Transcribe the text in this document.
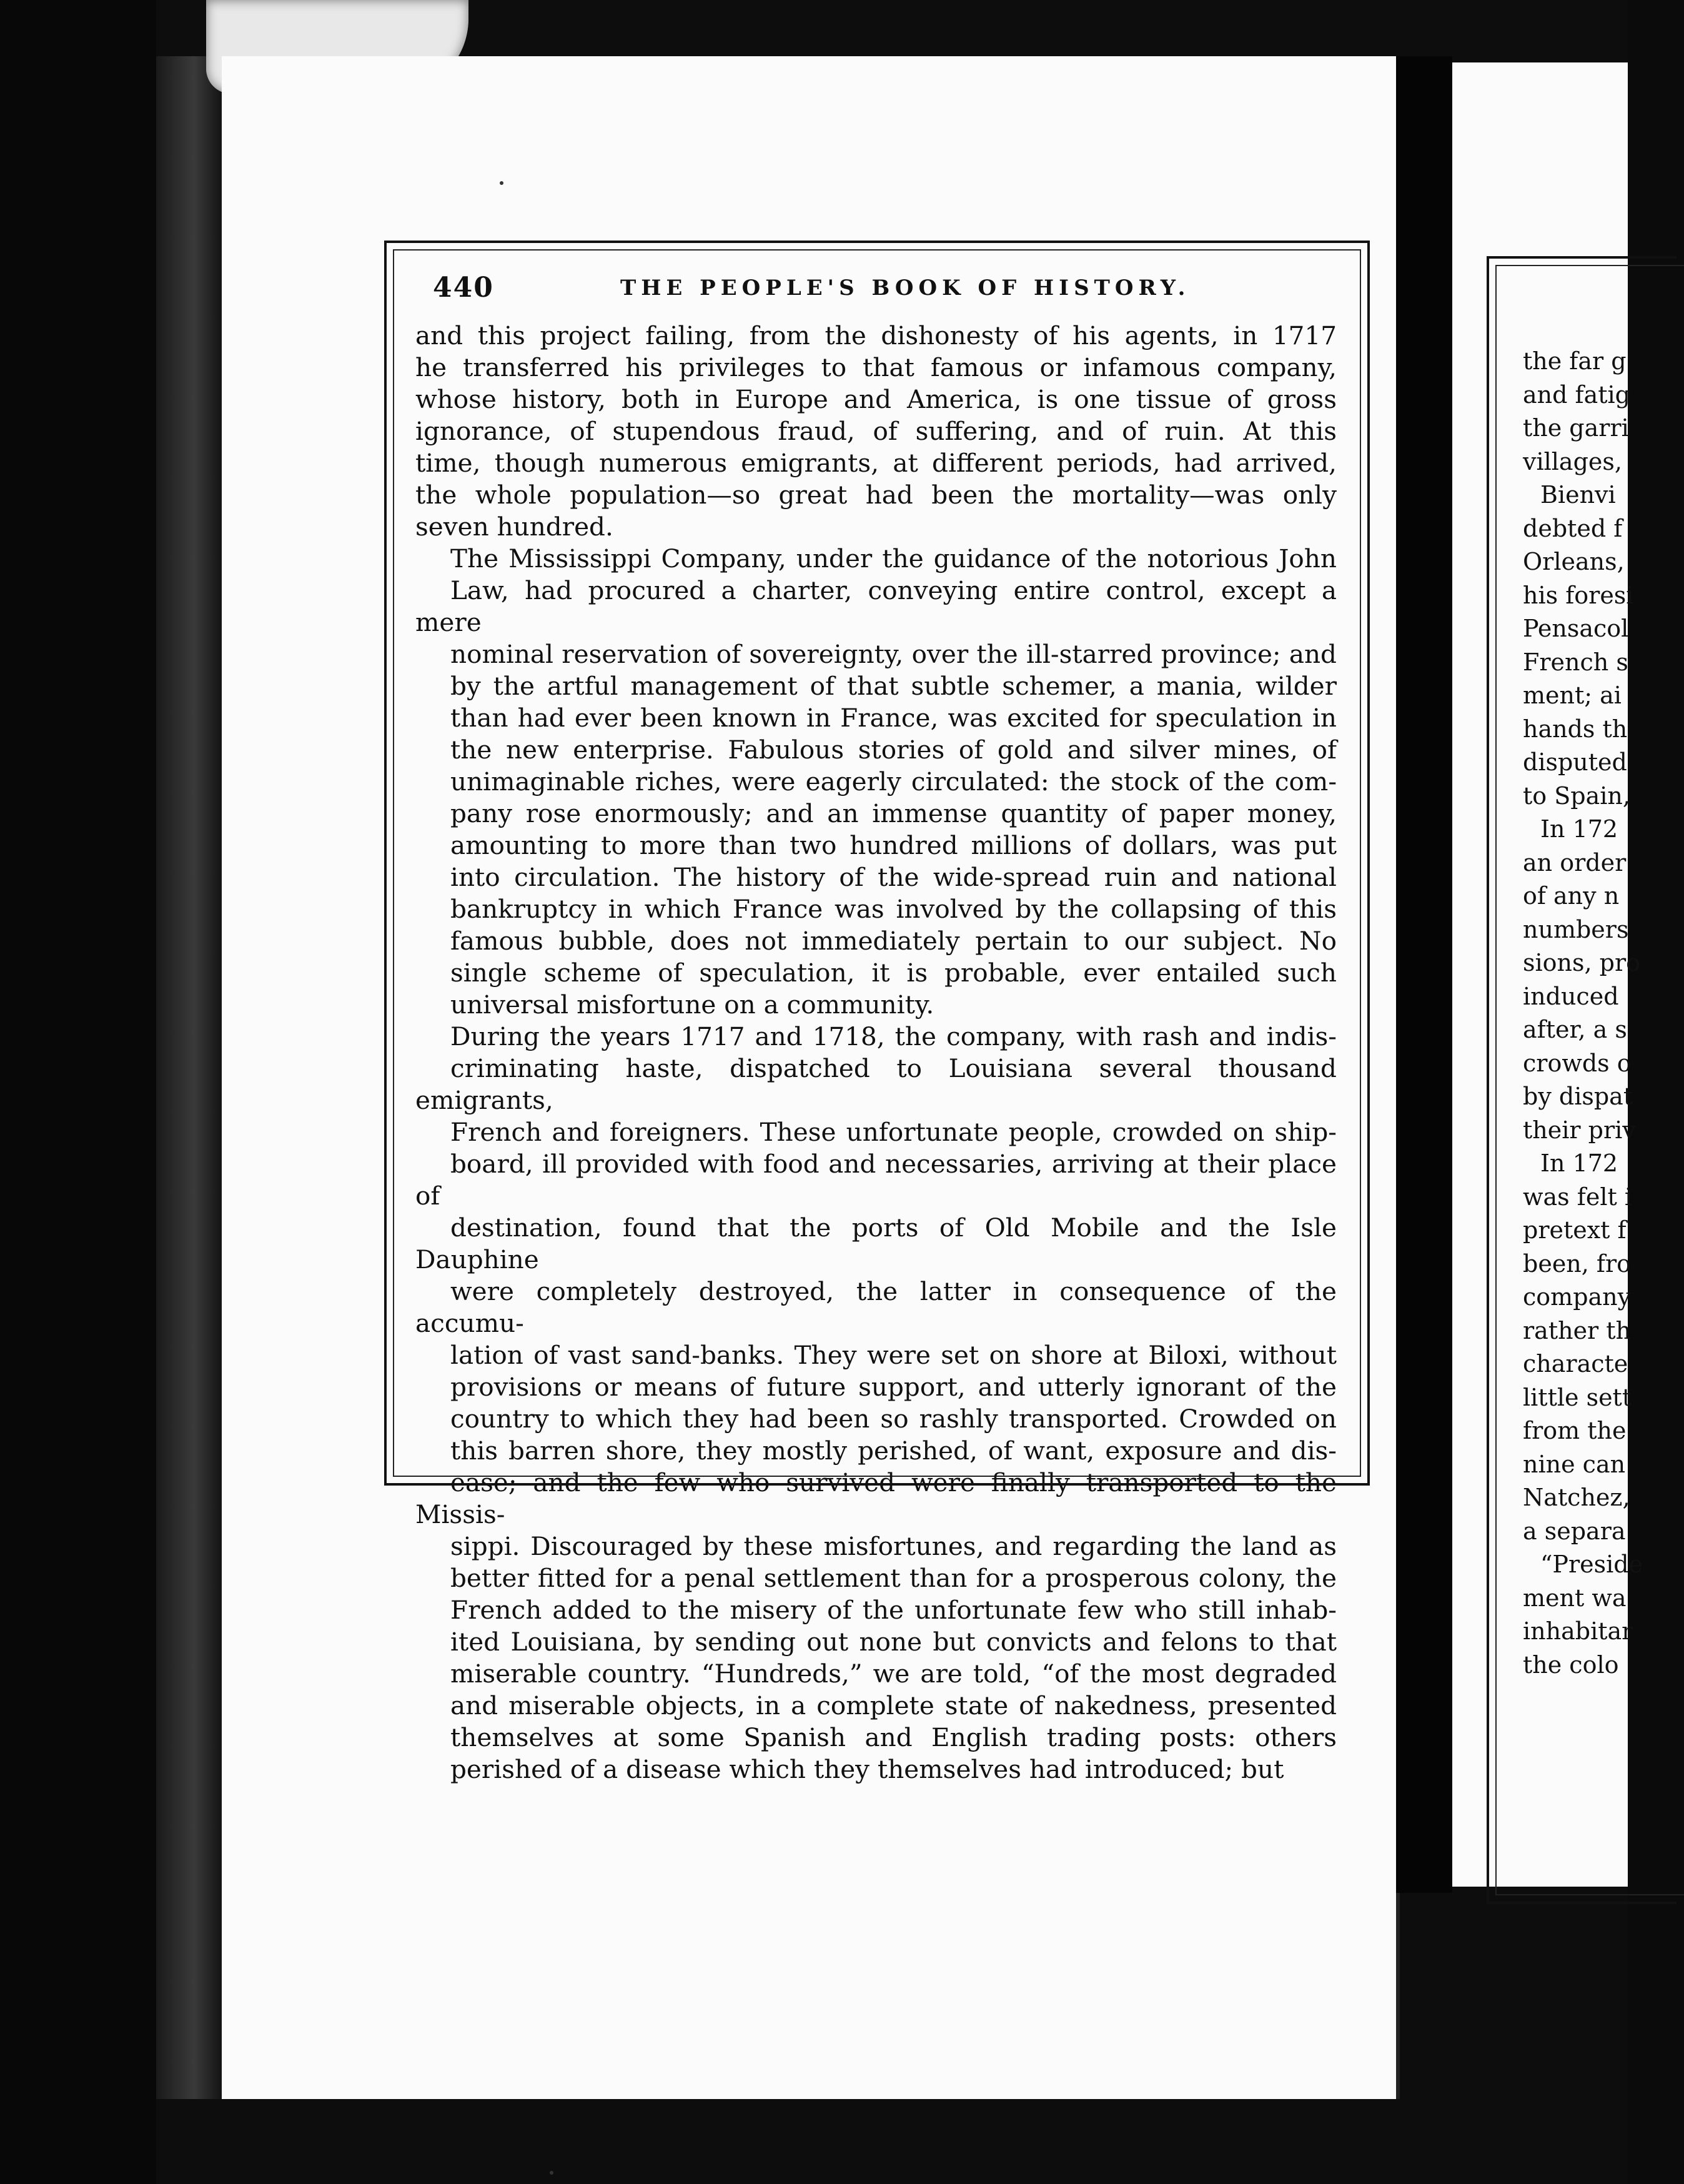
440	THE PEOPLE'S BOOK OF HISTORY.

and this project failing, from the dishonesty of his agents, in 1717
he transferred his privileges to that famous or infamous company,
whose history, both in Europe and America, is one tissue of gross
ignorance, of stupendous fraud, of suffering, and of ruin. At this
time, though numerous emigrants, at different periods, had arrived,
the whole population—so great had been the mortality—was only
seven hundred.

The Mississippi Company, under the guidance of the notorious John
Law, had procured a charter, conveying entire control, except a mere
nominal reservation of sovereignty, over the ill-starred province; and
by the artful management of that subtle schemer, a mania, wilder
than had ever been known in France, was excited for speculation in
the new enterprise. Fabulous stories of gold and silver mines, of
unimaginable riches, were eagerly circulated: the stock of the com-
pany rose enormously; and an immense quantity of paper money,
amounting to more than two hundred millions of dollars, was put
into circulation. The history of the wide-spread ruin and national
bankruptcy in which France was involved by the collapsing of this
famous bubble, does not immediately pertain to our subject. No
single scheme of speculation, it is probable, ever entailed such
universal misfortune on a community.

During the years 1717 and 1718, the company, with rash and indis-
criminating haste, dispatched to Louisiana several thousand emigrants,
French and foreigners. These unfortunate people, crowded on ship-
board, ill provided with food and necessaries, arriving at their place of
destination, found that the ports of Old Mobile and the Isle Dauphine
were completely destroyed, the latter in consequence of the accumu-
lation of vast sand-banks. They were set on shore at Biloxi, without
provisions or means of future support, and utterly ignorant of the
country to which they had been so rashly transported. Crowded on
this barren shore, they mostly perished, of want, exposure and dis-
ease; and the few who survived were finally transported to the Missis-
sippi. Discouraged by these misfortunes, and regarding the land as
better fitted for a penal settlement than for a prosperous colony, the
French added to the misery of the unfortunate few who still inhab-
ited Louisiana, by sending out none but convicts and felons to that
miserable country. “Hundreds,” we are told, “of the most degraded
and miserable objects, in a complete state of nakedness, presented
themselves at some Spanish and English trading posts: others
perished of a disease which they themselves had introduced; but

the far g
and fatig
the garri
villages,
Bienvi
debted f
Orleans,
his foresi
Pensacol
French s
ment; ai
hands th
disputed
to Spain,
In 172
an order
of any n
numbers
sions, pro
induced
after, a s
crowds o
by dispat
their priv
In 172
was felt i
pretext f
been, fro
company
rather th
characte
little sett
from the
nine can
Natchez,
a separa
“Preside
ment wa
inhabitar
the colo
